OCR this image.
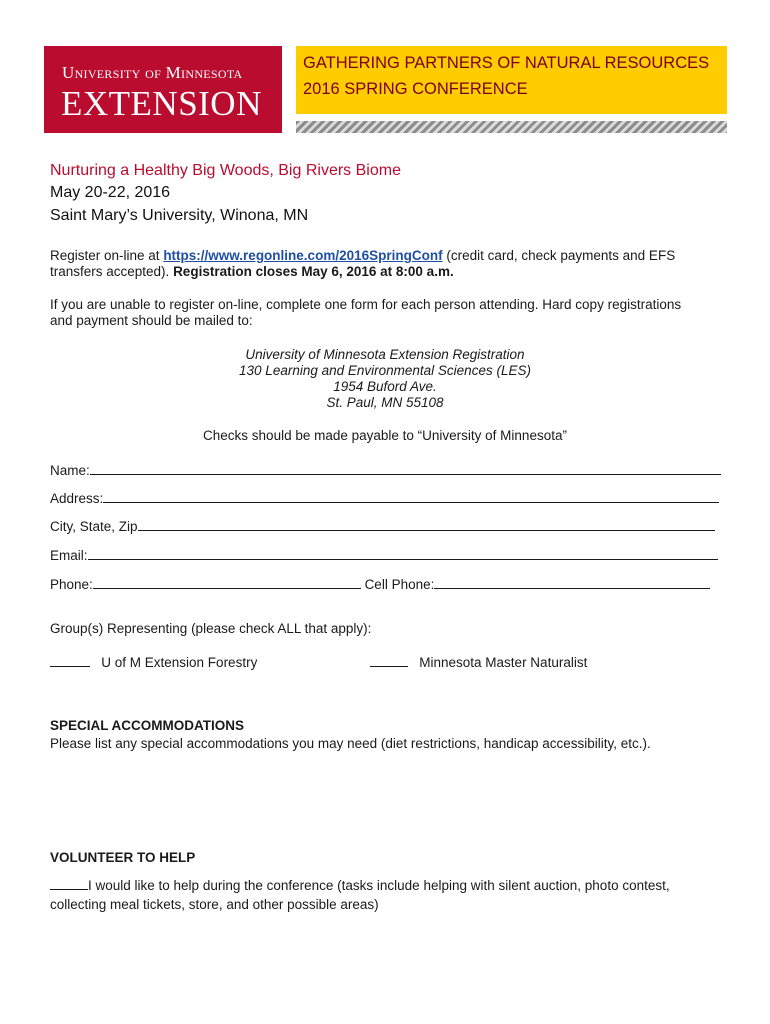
University of Minnesota
EXTENSION
GATHERING PARTNERS OF NATURAL RESOURCES
2016 SPRING CONFERENCE
Nurturing a Healthy Big Woods, Big Rivers Biome
May 20-22, 2016
Saint Mary’s University, Winona, MN
Register on-line at https://www.regonline.com/2016SpringConf (credit card, check payments and EFS
transfers accepted). Registration closes May 6, 2016 at 8:00 a.m.
If you are unable to register on-line, complete one form for each person attending. Hard copy registrations
and payment should be mailed to:
University of Minnesota Extension Registration
130 Learning and Environmental Sciences (LES)
1954 Buford Ave.
St. Paul, MN 55108
Checks should be made payable to “University of Minnesota”
Name:
Address:
City, State, Zip
Email:
Phone:	Cell Phone:
Group(s) Representing (please check ALL that apply):
U of M Extension Forestry	Minnesota Master Naturalist
SPECIAL ACCOMMODATIONS
Please list any special accommodations you may need (diet restrictions, handicap accessibility, etc.).
VOLUNTEER TO HELP
I would like to help during the conference (tasks include helping with silent auction, photo contest,
collecting meal tickets, store, and other possible areas)
